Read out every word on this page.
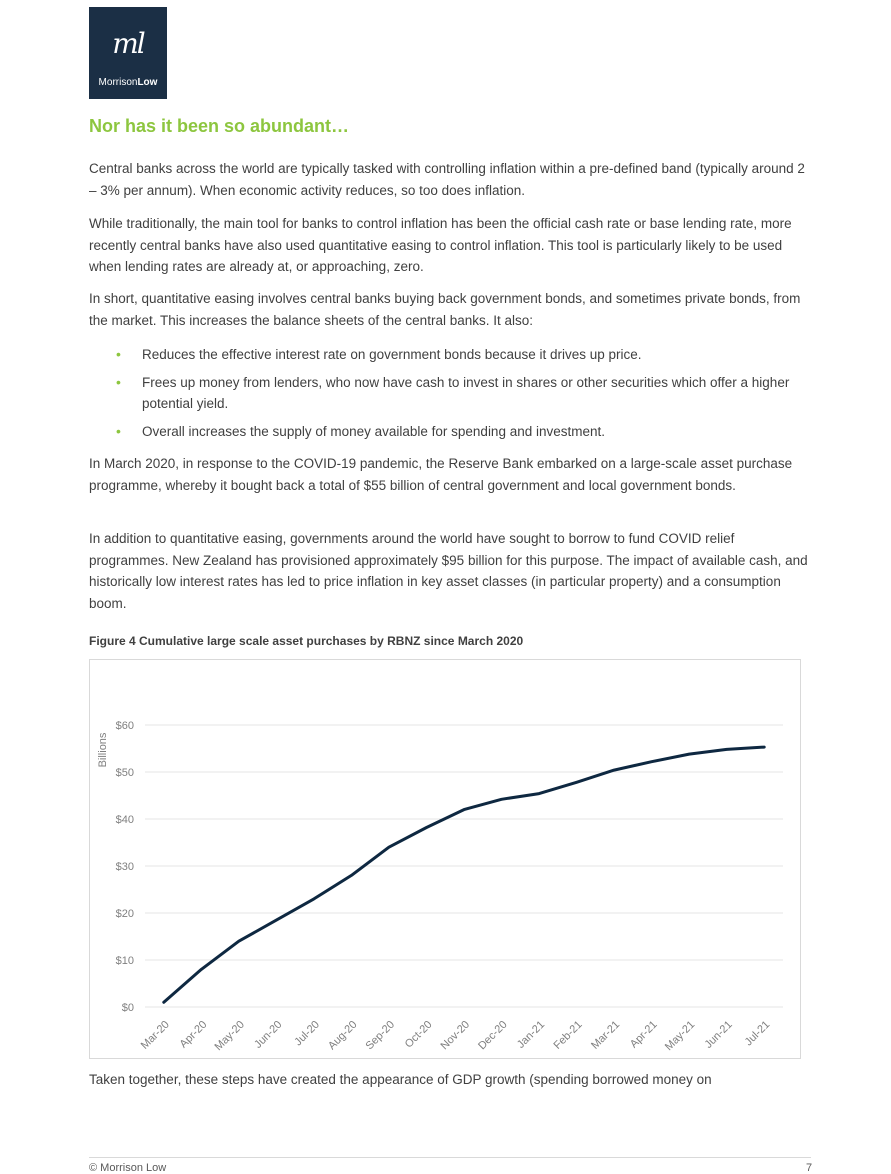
ml
MorrisonLow
Nor has it been so abundant…

Central banks across the world are typically tasked with controlling inflation within a pre-defined band (typically around 2 – 3% per annum). When economic activity reduces, so too does inflation.

While traditionally, the main tool for banks to control inflation has been the official cash rate or base lending rate, more recently central banks have also used quantitative easing to control inflation. This tool is particularly likely to be used when lending rates are already at, or approaching, zero.

In short, quantitative easing involves central banks buying back government bonds, and sometimes private bonds, from the market. This increases the balance sheets of the central banks. It also:

• Reduces the effective interest rate on government bonds because it drives up price.
• Frees up money from lenders, who now have cash to invest in shares or other securities which offer a higher potential yield.
• Overall increases the supply of money available for spending and investment.

In March 2020, in response to the COVID-19 pandemic, the Reserve Bank embarked on a large-scale asset purchase programme, whereby it bought back a total of $55 billion of central government and local government bonds.

In addition to quantitative easing, governments around the world have sought to borrow to fund COVID relief programmes. New Zealand has provisioned approximately $95 billion for this purpose. The impact of available cash, and historically low interest rates has led to price inflation in key asset classes (in particular property) and a consumption boom.

Figure 4 Cumulative large scale asset purchases by RBNZ since March 2020
$0
$10
$20
$30
$40
$50
$60
Billions
Mar-20 Apr-20 May-20 Jun-20 Jul-20 Aug-20 Sep-20 Oct-20 Nov-20 Dec-20 Jan-21 Feb-21 Mar-21 Apr-21 May-21 Jun-21 Jul-21

Taken together, these steps have created the appearance of GDP growth (spending borrowed money on

© Morrison Low	7
